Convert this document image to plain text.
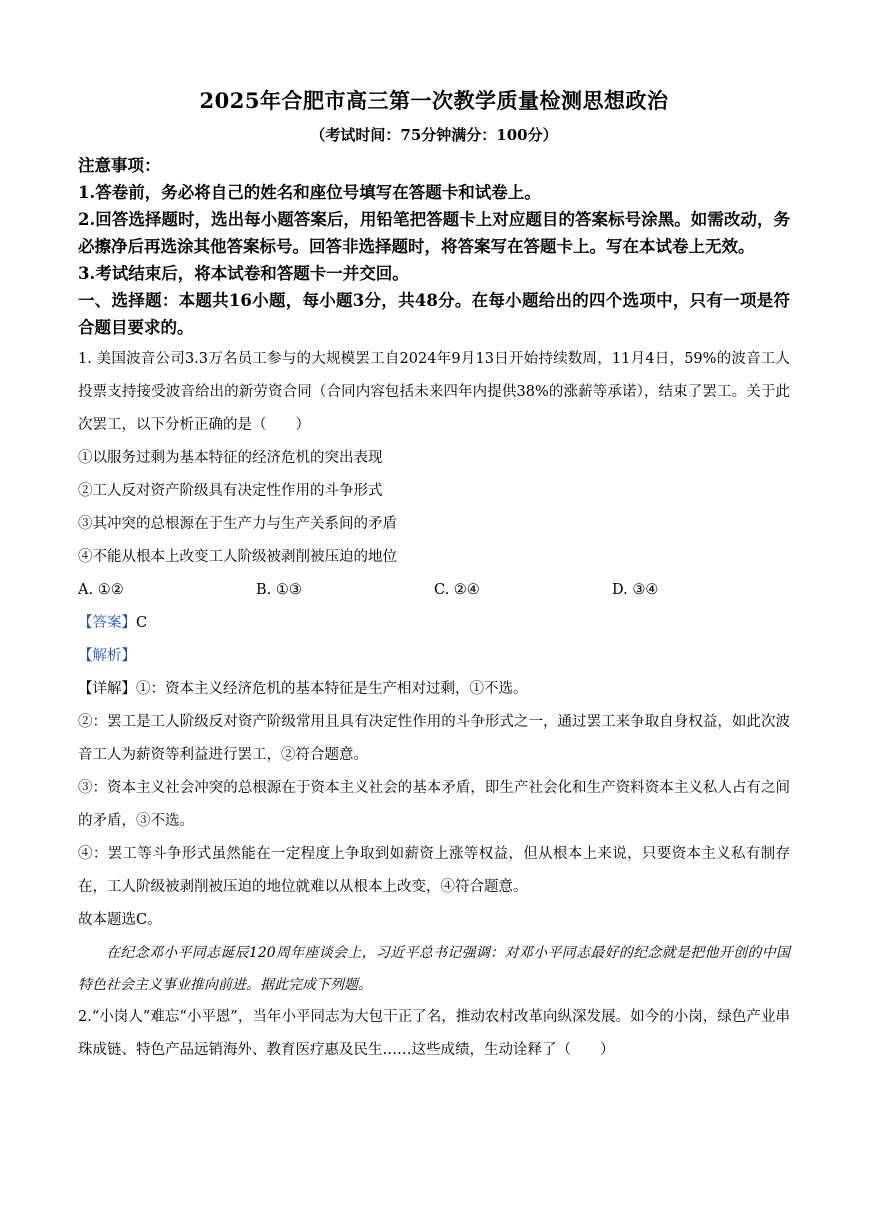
2025年合肥市高三第一次教学质量检测思想政治
（考试时间：75分钟满分：100分）
注意事项：
1.答卷前，务必将自己的姓名和座位号填写在答题卡和试卷上。
2.回答选择题时，选出每小题答案后，用铅笔把答题卡上对应题目的答案标号涂黑。如需改动，务必擦净后再选涂其他答案标号。回答非选择题时，将答案写在答题卡上。写在本试卷上无效。
3.考试结束后，将本试卷和答题卡一并交回。
一、选择题：本题共16小题，每小题3分，共48分。在每小题给出的四个选项中，只有一项是符合题目要求的。
1. 美国波音公司3.3万名员工参与的大规模罢工自2024年9月13日开始持续数周，11月4日，59%的波音工人投票支持接受波音给出的新劳资合同（合同内容包括未来四年内提供38%的涨薪等承诺），结束了罢工。关于此次罢工，以下分析正确的是（　　）
①以服务过剩为基本特征的经济危机的突出表现
②工人反对资产阶级具有决定性作用的斗争形式
③其冲突的总根源在于生产力与生产关系间的矛盾
④不能从根本上改变工人阶级被剥削被压迫的地位
A. ①②	B. ①③	C. ②④	D. ③④
【答案】C
【解析】
【详解】①：资本主义经济危机的基本特征是生产相对过剩，①不选。
②：罢工是工人阶级反对资产阶级常用且具有决定性作用的斗争形式之一，通过罢工来争取自身权益，如此次波音工人为薪资等利益进行罢工，②符合题意。
③：资本主义社会冲突的总根源在于资本主义社会的基本矛盾，即生产社会化和生产资料资本主义私人占有之间的矛盾，③不选。
④：罢工等斗争形式虽然能在一定程度上争取到如薪资上涨等权益，但从根本上来说，只要资本主义私有制存在，工人阶级被剥削被压迫的地位就难以从根本上改变，④符合题意。
故本题选C。
在纪念邓小平同志诞辰120周年座谈会上，习近平总书记强调：对邓小平同志最好的纪念就是把他开创的中国特色社会主义事业推向前进。据此完成下列题。
2.“小岗人”难忘“小平恩”，当年小平同志为大包干正了名，推动农村改革向纵深发展。如今的小岗，绿色产业串珠成链、特色产品远销海外、教育医疗惠及民生……这些成绩，生动诠释了（　　）
